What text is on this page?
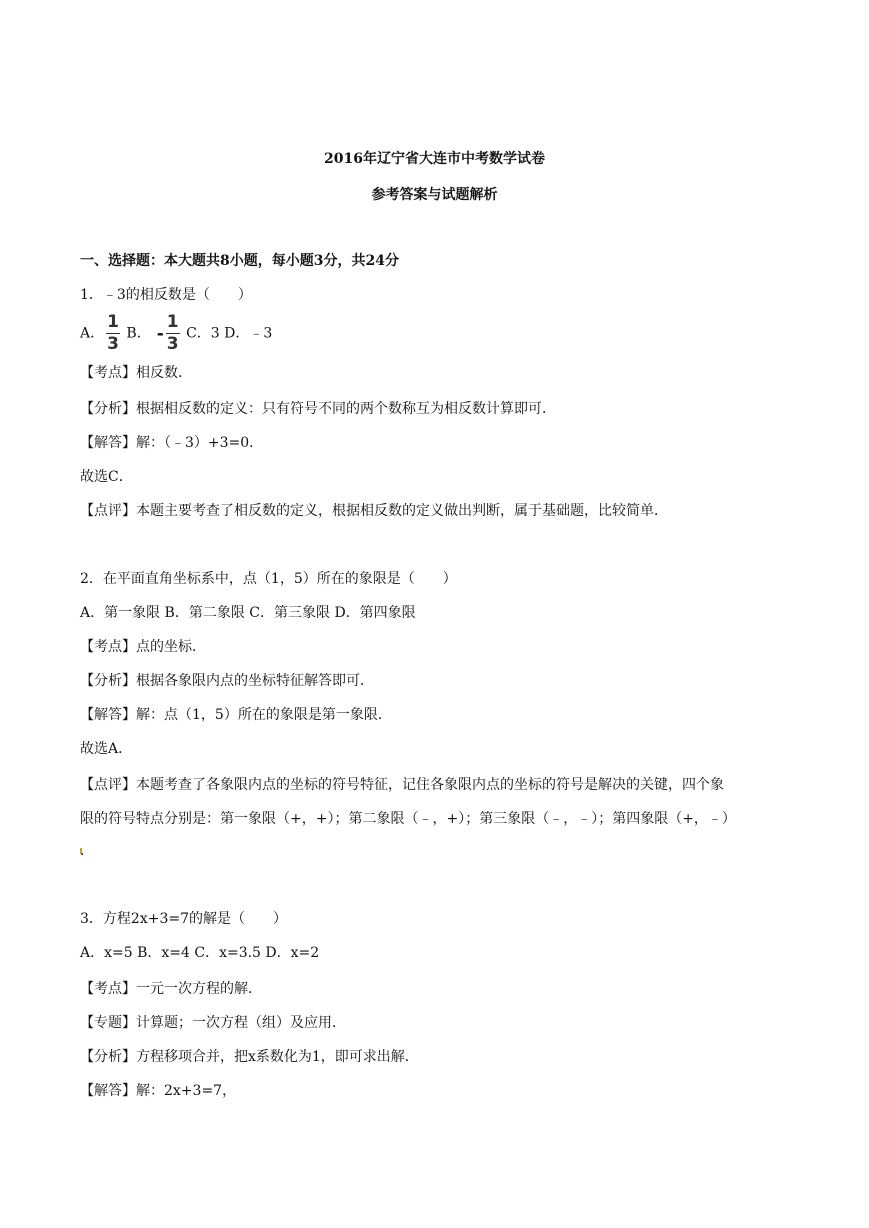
2016年辽宁省大连市中考数学试卷
参考答案与试题解析
一、选择题：本大题共8小题，每小题3分，共24分
1．﹣3的相反数是（　　）
A． $\frac{1}{3}$ B． - $\frac{1}{3}$ C．3 D．﹣3
【考点】相反数．
【分析】根据相反数的定义：只有符号不同的两个数称互为相反数计算即可．
【解答】解：（﹣3）+3=0．
故选C．
【点评】本题主要考查了相反数的定义，根据相反数的定义做出判断，属于基础题，比较简单．
2．在平面直角坐标系中，点（1，5）所在的象限是（　　）
A．第一象限 B．第二象限 C．第三象限 D．第四象限
【考点】点的坐标．
【分析】根据各象限内点的坐标特征解答即可．
【解答】解：点（1，5）所在的象限是第一象限．
故选A．
【点评】本题考查了各象限内点的坐标的符号特征，记住各象限内点的坐标的符号是解决的关键，四个象
限的符号特点分别是：第一象限（+，+）；第二象限（﹣，+）；第三象限（﹣，﹣）；第四象限（+，﹣）
．
3．方程2x+3=7的解是（　　）
A．x=5 B．x=4 C．x=3.5 D．x=2
【考点】一元一次方程的解．
【专题】计算题；一次方程（组）及应用．
【分析】方程移项合并，把x系数化为1，即可求出解．
【解答】解：2x+3=7，
